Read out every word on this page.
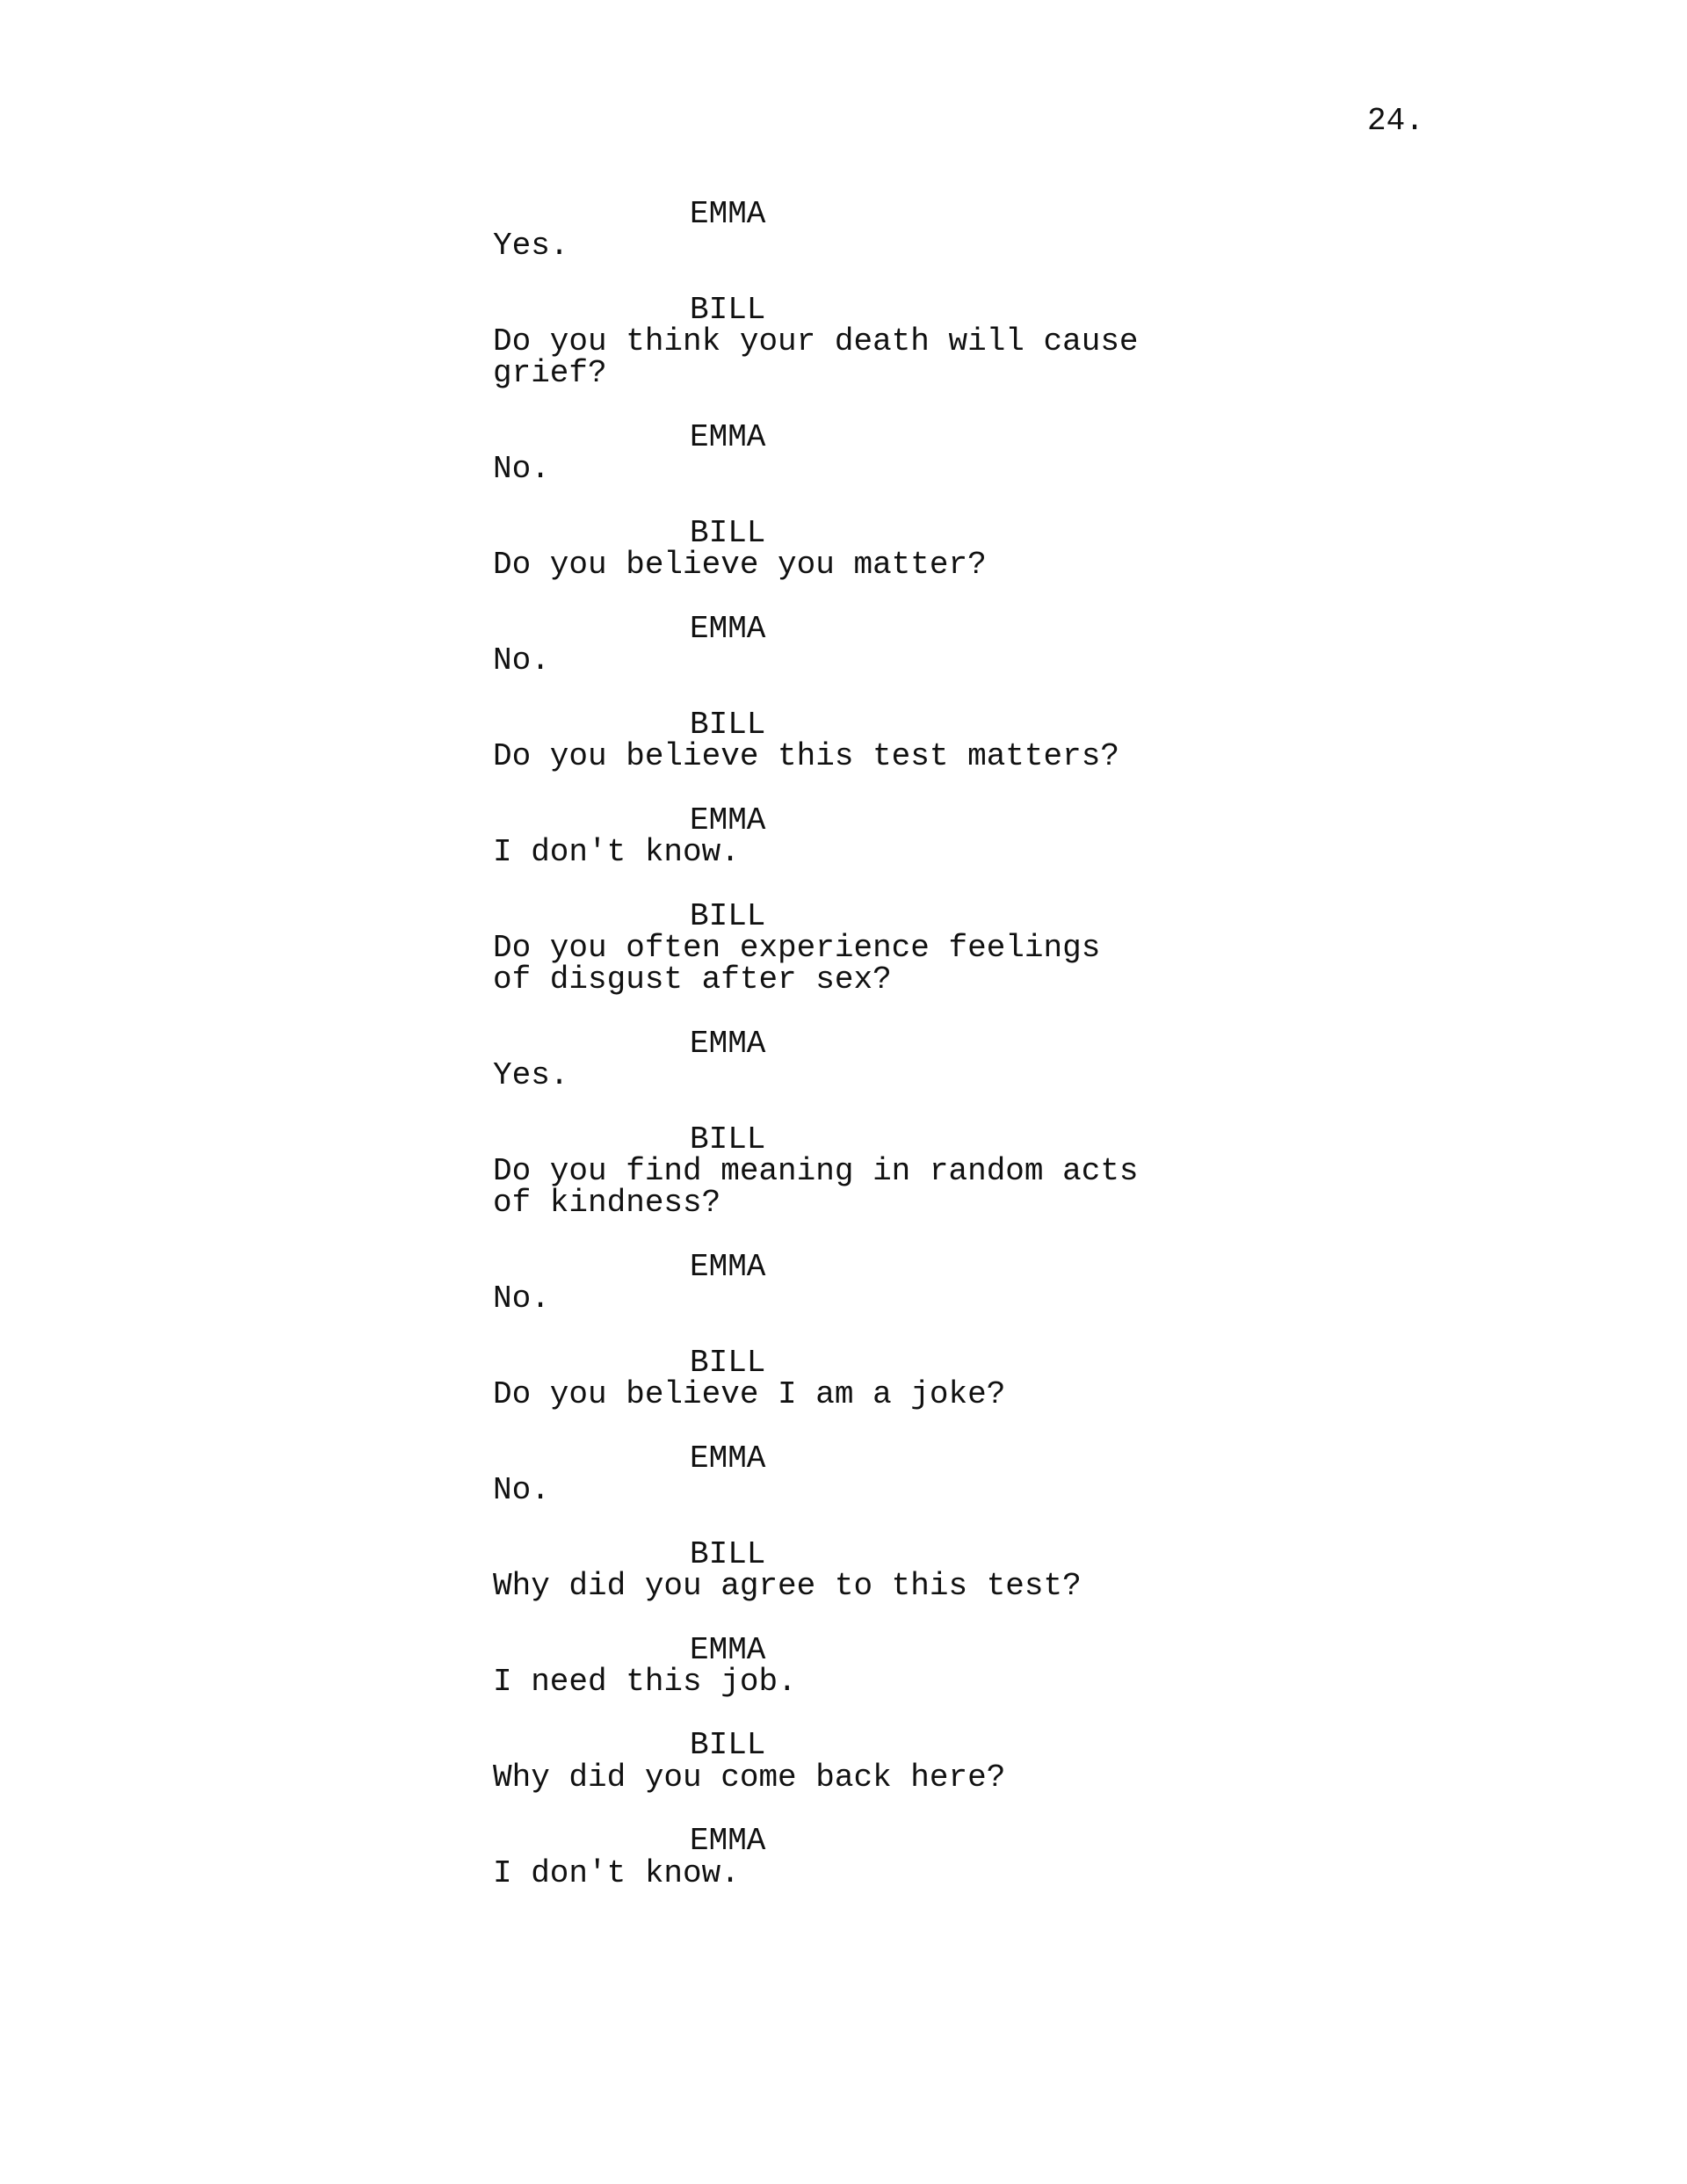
24.
EMMA
Yes.
BILL
Do you think your death will cause
grief?
EMMA
No.
BILL
Do you believe you matter?
EMMA
No.
BILL
Do you believe this test matters?
EMMA
I don't know.
BILL
Do you often experience feelings
of disgust after sex?
EMMA
Yes.
BILL
Do you find meaning in random acts
of kindness?
EMMA
No.
BILL
Do you believe I am a joke?
EMMA
No.
BILL
Why did you agree to this test?
EMMA
I need this job.
BILL
Why did you come back here?
EMMA
I don't know.
